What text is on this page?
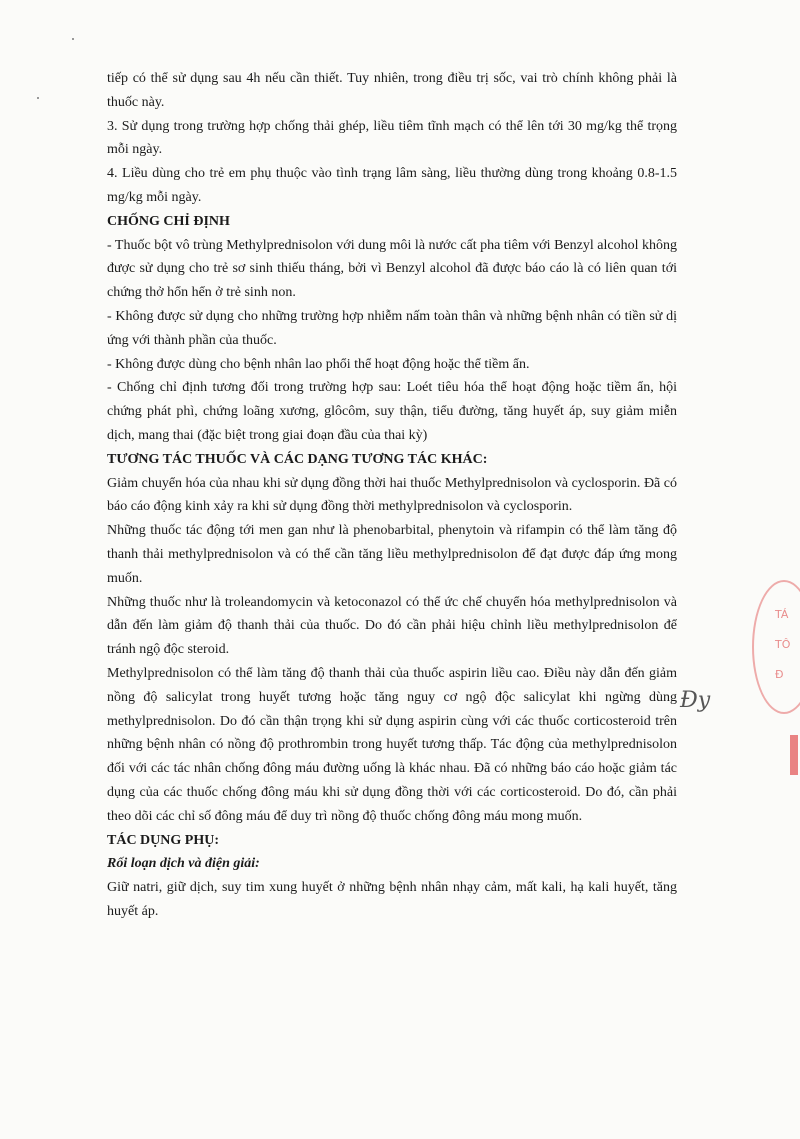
tiếp có thể sử dụng sau 4h nếu cần thiết. Tuy nhiên, trong điều trị sốc, vai trò chính không phải là thuốc này.

3. Sử dụng trong trường hợp chống thải ghép, liều tiêm tĩnh mạch có thể lên tới 30 mg/kg thể trọng mỗi ngày.

4. Liều dùng cho trẻ em phụ thuộc vào tình trạng lâm sàng, liều thường dùng trong khoảng 0.8-1.5 mg/kg mỗi ngày.

CHỐNG CHỈ ĐỊNH

- Thuốc bột vô trùng Methylprednisolon với dung môi là nước cất pha tiêm với Benzyl alcohol không được sử dụng cho trẻ sơ sinh thiếu tháng, bởi vì Benzyl alcohol đã được báo cáo là có liên quan tới chứng thở hổn hển ở trẻ sinh non.

- Không được sử dụng cho những trường hợp nhiễm nấm toàn thân và những bệnh nhân có tiền sử dị ứng với thành phần của thuốc.

- Không được dùng cho bệnh nhân lao phổi thể hoạt động hoặc thể tiềm ẩn.

- Chống chỉ định tương đối trong trường hợp sau: Loét tiêu hóa thể hoạt động hoặc tiềm ẩn, hội chứng phát phì, chứng loãng xương, glôcôm, suy thận, tiểu đường, tăng huyết áp, suy giảm miễn dịch, mang thai (đặc biệt trong giai đoạn đầu của thai kỳ)

TƯƠNG TÁC THUỐC VÀ CÁC DẠNG TƯƠNG TÁC KHÁC:

Giảm chuyển hóa của nhau khi sử dụng đồng thời hai thuốc Methylprednisolon và cyclosporin. Đã có báo cáo động kinh xảy ra khi sử dụng đồng thời methylprednisolon và cyclosporin.

Những thuốc tác động tới men gan như là phenobarbital, phenytoin và rifampin có thể làm tăng độ thanh thải methylprednisolon và có thể cần tăng liều methylprednisolon để đạt được đáp ứng mong muốn.

Những thuốc như là troleandomycin và ketoconazol có thể ức chế chuyển hóa methylprednisolon và dẫn đến làm giảm độ thanh thải của thuốc. Do đó cần phải hiệu chỉnh liều methylprednisolon để tránh ngộ độc steroid.

Methylprednisolon có thể làm tăng độ thanh thải của thuốc aspirin liều cao. Điều này dẫn đến giảm nồng độ salicylat trong huyết tương hoặc tăng nguy cơ ngộ độc salicylat khi ngừng dùng methylprednisolon. Do đó cần thận trọng khi sử dụng aspirin cùng với các thuốc corticosteroid trên những bệnh nhân có nồng độ prothrombin trong huyết tương thấp. Tác động của methylprednisolon đối với các tác nhân chống đông máu đường uống là khác nhau. Đã có những báo cáo hoặc giảm tác dụng của các thuốc chống đông máu khi sử dụng đồng thời với các corticosteroid. Do đó, cần phải theo dõi các chỉ số đông máu để duy trì nồng độ thuốc chống đông máu mong muốn.

TÁC DỤNG PHỤ:

Rối loạn dịch và điện giải:

Giữ natri, giữ dịch, suy tim xung huyết ở những bệnh nhân nhạy cảm, mất kali, hạ kali huyết, tăng huyết áp.

TÁ
TÔ
Đ
Đy
